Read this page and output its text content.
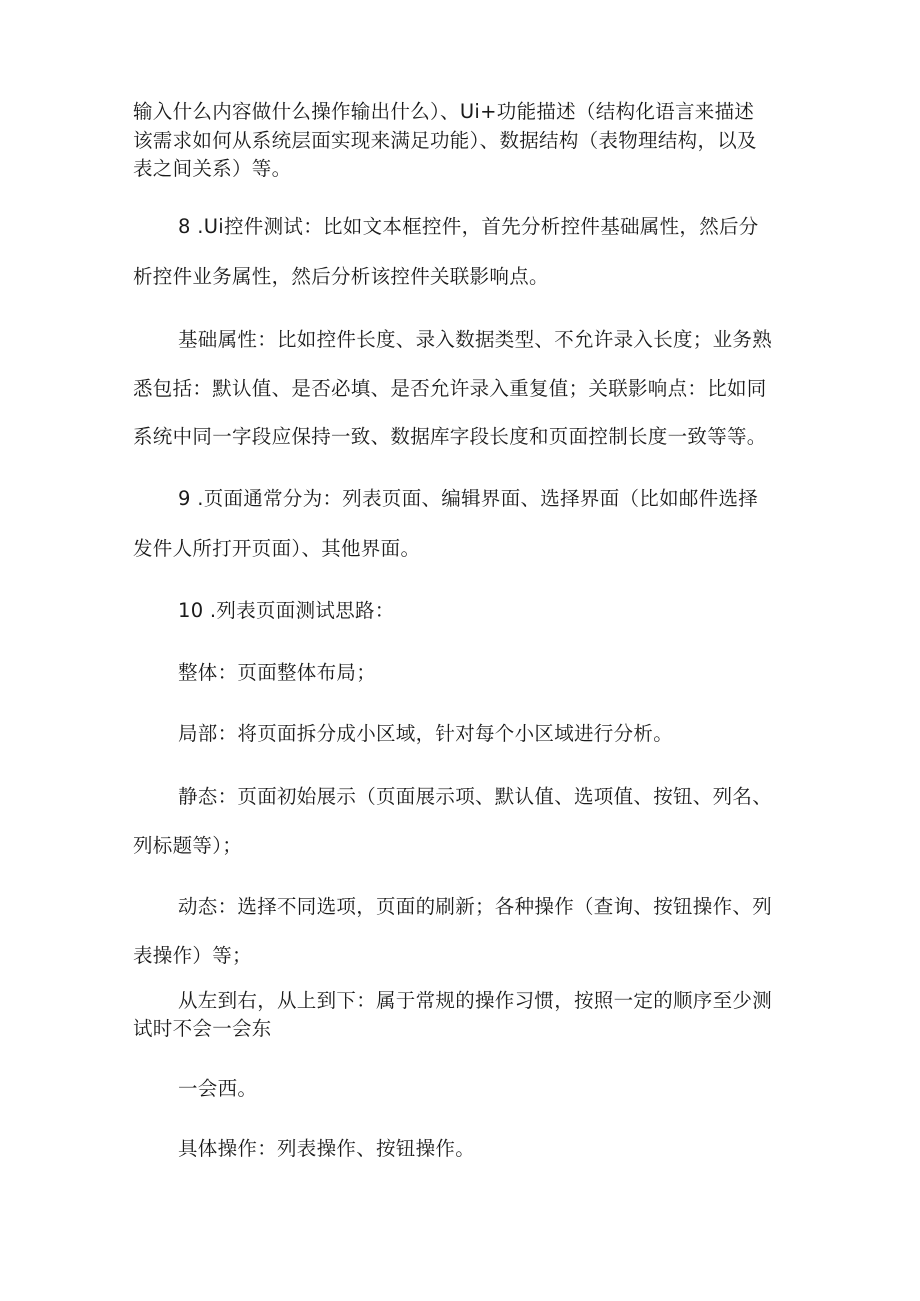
输入什么内容做什么操作输出什么）、Ui+功能描述（结构化语言来描述

该需求如何从系统层面实现来满足功能）、数据结构（表物理结构，以及

表之间关系）等。

8 .Ui控件测试：比如文本框控件，首先分析控件基础属性，然后分

析控件业务属性，然后分析该控件关联影响点。

基础属性：比如控件长度、录入数据类型、不允许录入长度；业务熟

悉包括：默认值、是否必填、是否允许录入重复值；关联影响点：比如同

系统中同一字段应保持一致、数据库字段长度和页面控制长度一致等等。

9 .页面通常分为：列表页面、编辑界面、选择界面（比如邮件选择

发件人所打开页面）、其他界面。

10 .列表页面测试思路：

整体：页面整体布局；

局部：将页面拆分成小区域，针对每个小区域进行分析。

静态：页面初始展示（页面展示项、默认值、选项值、按钮、列名、

列标题等）；

动态：选择不同选项，页面的刷新；各种操作（查询、按钮操作、列

表操作）等；

从左到右，从上到下：属于常规的操作习惯，按照一定的顺序至少测

试时不会一会东

一会西。

具体操作：列表操作、按钮操作。
